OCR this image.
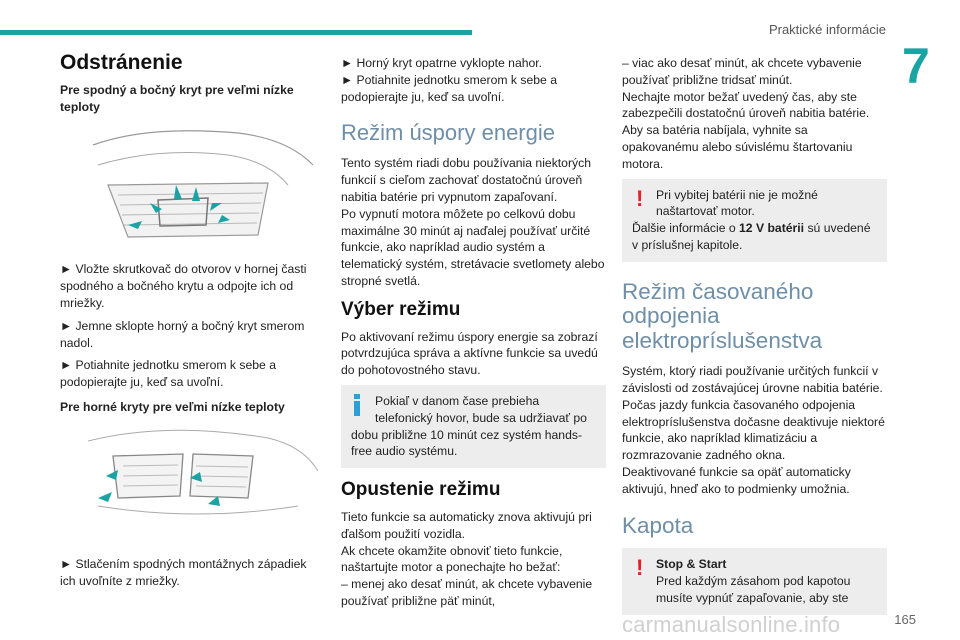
Praktické informácie
7
Odstránenie
Pre spodný a bočný kryt pre veľmi nízke teploty

► Vložte skrutkovač do otvorov v hornej časti spodného a bočného krytu a odpojte ich od mriežky.

► Jemne sklopte horný a bočný kryt smerom nadol.

► Potiahnite jednotku smerom k sebe a podopierajte ju, keď sa uvoľní.

Pre horné kryty pre veľmi nízke teploty

► Stlačením spodných montážnych západiek ich uvoľníte z mriežky.

► Horný kryt opatrne vyklopte nahor.

► Potiahnite jednotku smerom k sebe a podopierajte ju, keď sa uvoľní.

Režim úspory energie

Tento systém riadi dobu používania niektorých funkcií s cieľom zachovať dostatočnú úroveň nabitia batérie pri vypnutom zapaľovaní.

Po vypnutí motora môžete po celkovú dobu maximálne 30 minút aj naďalej používať určité funkcie, ako napríklad audio systém a telematický systém, stretávacie svetlomety alebo stropné svetlá.

Výber režimu

Po aktivovaní režimu úspory energie sa zobrazí potvrdzujúca správa a aktívne funkcie sa uvedú do pohotovostného stavu.

Pokiaľ v danom čase prebieha telefonický hovor, bude sa udržiavať po
dobu približne 10 minút cez systém hands-free audio systému.
Opustenie režimu

Tieto funkcie sa automaticky znova aktivujú pri ďalšom použití vozidla.

Ak chcete okamžite obnoviť tieto funkcie, naštartujte motor a ponechajte ho bežať:

– menej ako desať minút, ak chcete vybavenie používať približne päť minút,

– viac ako desať minút, ak chcete vybavenie používať približne tridsať minút.

Nechajte motor bežať uvedený čas, aby ste zabezpečili dostatočnú úroveň nabitia batérie.

Aby sa batéria nabíjala, vyhnite sa opakovanému alebo súvislému štartovaniu motora.

!	Pri vybitej batérii nie je možné naštartovať motor.
Ďalšie informácie o 12 V batérii sú uvedené v príslušnej kapitole.
Režim časovaného odpojenia elektropríslušenstva

Systém, ktorý riadi používanie určitých funkcií v závislosti od zostávajúcej úrovne nabitia batérie.

Počas jazdy funkcia časovaného odpojenia elektropríslušenstva dočasne deaktivuje niektoré funkcie, ako napríklad klimatizáciu a rozmrazovanie zadného okna.

Deaktivované funkcie sa opäť automaticky aktivujú, hneď ako to podmienky umožnia.

Kapota
!	Stop & Start
Pred každým zásahom pod kapotou musíte vypnúť zapaľovanie, aby ste
carmanualsonline.info	165
